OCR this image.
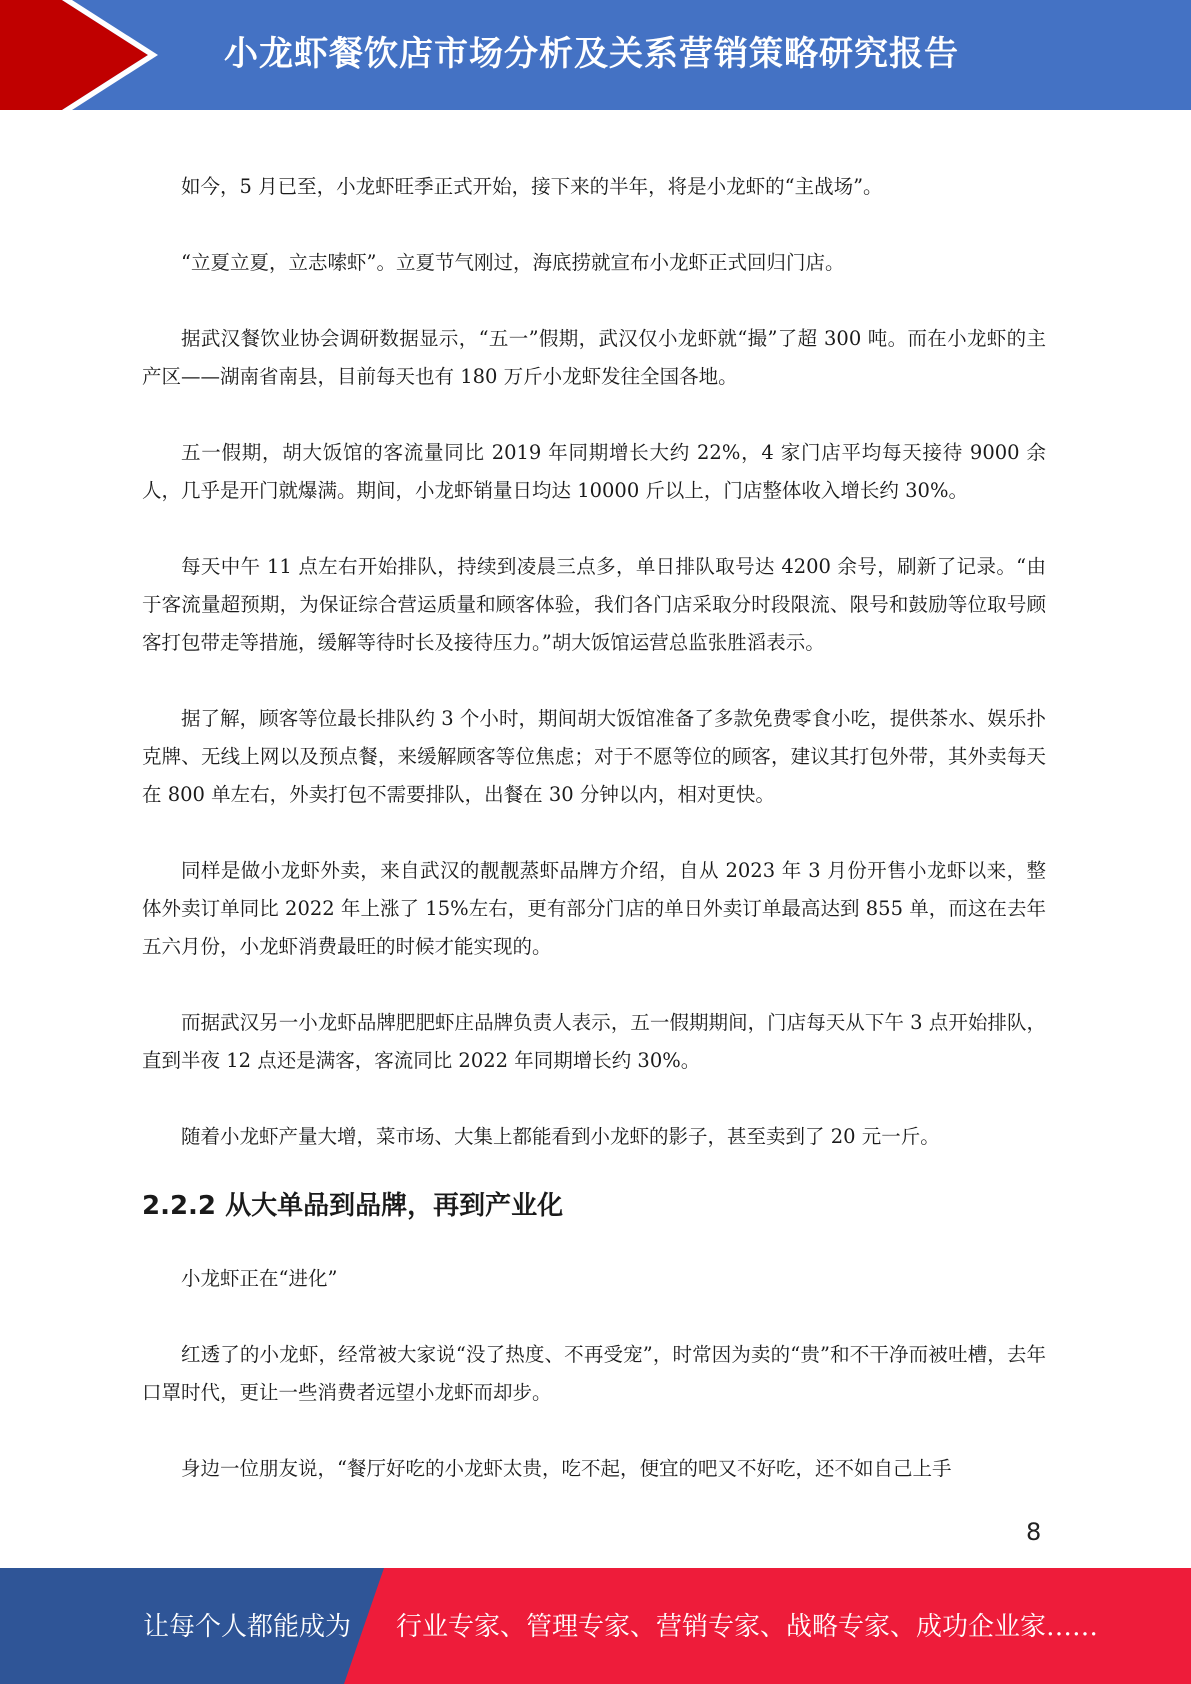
小龙虾餐饮店市场分析及关系营销策略研究报告

如今，5 月已至，小龙虾旺季正式开始，接下来的半年，将是小龙虾的“主战场”。

“立夏立夏，立志嗦虾”。立夏节气刚过，海底捞就宣布小龙虾正式回归门店。

据武汉餐饮业协会调研数据显示，“五一”假期，武汉仅小龙虾就“撮”了超 300 吨。而在小龙虾的主产区——湖南省南县，目前每天也有 180 万斤小龙虾发往全国各地。

五一假期，胡大饭馆的客流量同比 2019 年同期增长大约 22%，4 家门店平均每天接待 9000 余人，几乎是开门就爆满。期间，小龙虾销量日均达 10000 斤以上，门店整体收入增长约 30%。

每天中午 11 点左右开始排队，持续到凌晨三点多，单日排队取号达 4200 余号，刷新了记录。“由于客流量超预期，为保证综合营运质量和顾客体验，我们各门店采取分时段限流、限号和鼓励等位取号顾客打包带走等措施，缓解等待时长及接待压力。”胡大饭馆运营总监张胜滔表示。

据了解，顾客等位最长排队约 3 个小时，期间胡大饭馆准备了多款免费零食小吃，提供茶水、娱乐扑克牌、无线上网以及预点餐，来缓解顾客等位焦虑；对于不愿等位的顾客，建议其打包外带，其外卖每天在 800 单左右，外卖打包不需要排队，出餐在 30 分钟以内，相对更快。

同样是做小龙虾外卖，来自武汉的靓靓蒸虾品牌方介绍，自从 2023 年 3 月份开售小龙虾以来，整体外卖订单同比 2022 年上涨了 15%左右，更有部分门店的单日外卖订单最高达到 855 单，而这在去年五六月份，小龙虾消费最旺的时候才能实现的。

而据武汉另一小龙虾品牌肥肥虾庄品牌负责人表示，五一假期期间，门店每天从下午 3 点开始排队，直到半夜 12 点还是满客，客流同比 2022 年同期增长约 30%。

随着小龙虾产量大增，菜市场、大集上都能看到小龙虾的影子，甚至卖到了 20 元一斤。

2.2.2 从大单品到品牌，再到产业化

小龙虾正在“进化”

红透了的小龙虾，经常被大家说“没了热度、不再受宠”，时常因为卖的“贵”和不干净而被吐槽，去年口罩时代，更让一些消费者远望小龙虾而却步。

身边一位朋友说，“餐厅好吃的小龙虾太贵，吃不起，便宜的吧又不好吃，还不如自己上手

8
让每个人都能成为 行业专家、管理专家、营销专家、战略专家、成功企业家……
